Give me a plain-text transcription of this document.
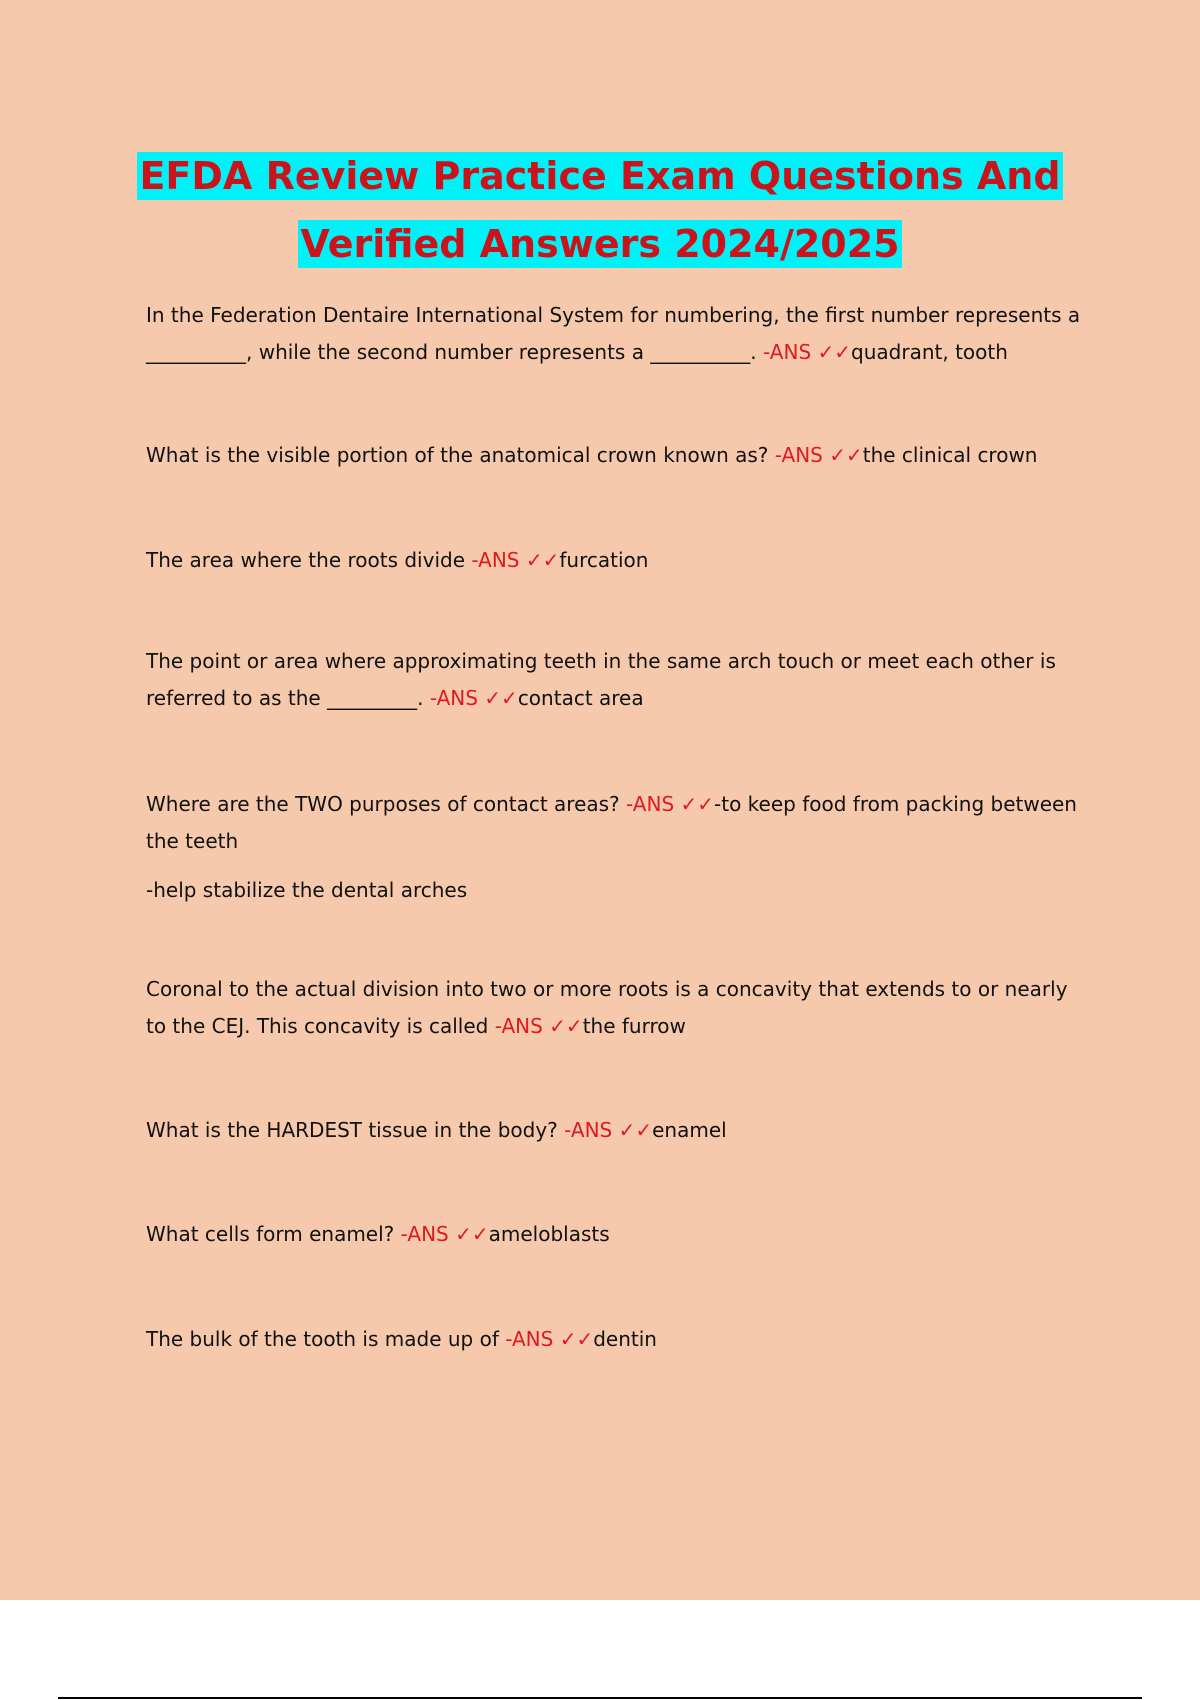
EFDA Review Practice Exam Questions And
Verified Answers 2024/2025

In the Federation Dentaire International System for numbering, the first number represents a __________, while the second number represents a __________. -ANS ✓✓quadrant, tooth

What is the visible portion of the anatomical crown known as? -ANS ✓✓the clinical crown

The area where the roots divide -ANS ✓✓furcation

The point or area where approximating teeth in the same arch touch or meet each other is referred to as the _________. -ANS ✓✓contact area

Where are the TWO purposes of contact areas? -ANS ✓✓-to keep food from packing between the teeth

-help stabilize the dental arches

Coronal to the actual division into two or more roots is a concavity that extends to or nearly to the CEJ. This concavity is called -ANS ✓✓the furrow

What is the HARDEST tissue in the body? -ANS ✓✓enamel

What cells form enamel? -ANS ✓✓ameloblasts

The bulk of the tooth is made up of -ANS ✓✓dentin
